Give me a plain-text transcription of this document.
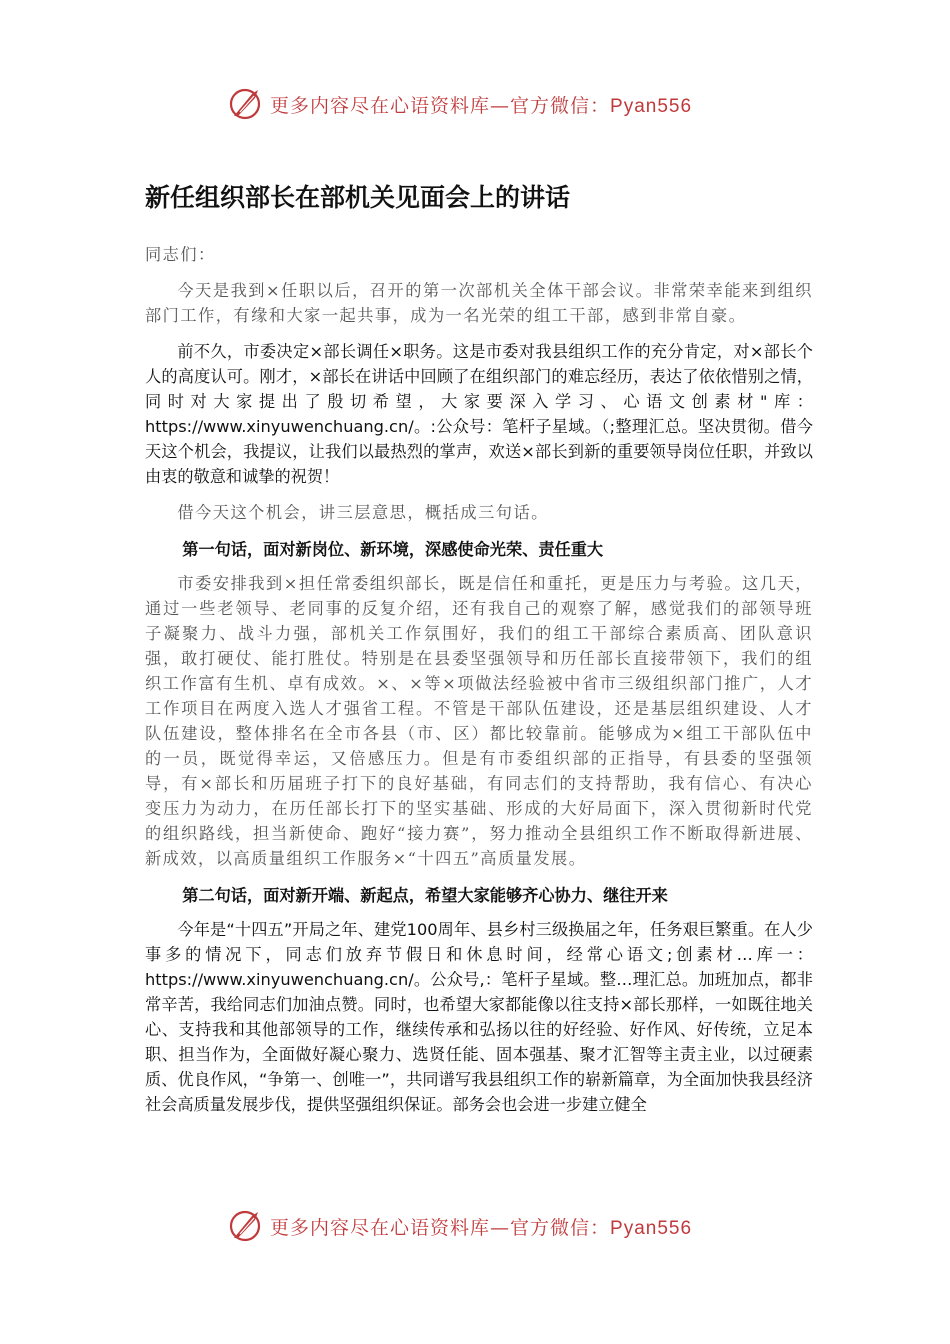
更多内容尽在心语资料库—官方微信：Pyan556
新任组织部长在部机关见面会上的讲话

同志们：

今天是我到×任职以后，召开的第一次部机关全体干部会议。非常荣幸能来到组织部门工作，有缘和大家一起共事，成为一名光荣的组工干部，感到非常自豪。

前不久，市委决定×部长调任×职务。这是市委对我县组织工作的充分肯定，对×部长个人的高度认可。刚才，×部长在讲话中回顾了在组织部门的难忘经历，表达了依依惜别之情，同时对大家提出了殷切希望，大家要深入学习、心语文创素材"库：https://www.xinyuwenchuang.cn/。:公众号：笔杆子星域。（;整理汇总。坚决贯彻。借今天这个机会，我提议，让我们以最热烈的掌声，欢送×部长到新的重要领导岗位任职，并致以由衷的敬意和诚挚的祝贺！

借今天这个机会，讲三层意思，概括成三句话。

第一句话，面对新岗位、新环境，深感使命光荣、责任重大

市委安排我到×担任常委组织部长，既是信任和重托，更是压力与考验。这几天，通过一些老领导、老同事的反复介绍，还有我自己的观察了解，感觉我们的部领导班子凝聚力、战斗力强，部机关工作氛围好，我们的组工干部综合素质高、团队意识强，敢打硬仗、能打胜仗。特别是在县委坚强领导和历任部长直接带领下，我们的组织工作富有生机、卓有成效。×、×等×项做法经验被中省市三级组织部门推广，人才工作项目在两度入选人才强省工程。不管是干部队伍建设，还是基层组织建设、人才队伍建设，整体排名在全市各县（市、区）都比较靠前。能够成为×组工干部队伍中的一员，既觉得幸运，又倍感压力。但是有市委组织部的正指导，有县委的坚强领导，有×部长和历届班子打下的良好基础，有同志们的支持帮助，我有信心、有决心变压力为动力，在历任部长打下的坚实基础、形成的大好局面下，深入贯彻新时代党的组织路线，担当新使命、跑好“接力赛”，努力推动全县组织工作不断取得新进展、新成效，以高质量组织工作服务×“十四五”高质量发展。

第二句话，面对新开端、新起点，希望大家能够齐心协力、继往开来

今年是“十四五”开局之年、建党100周年、县乡村三级换届之年，任务艰巨繁重。在人少事多的情况下，同志们放弃节假日和休息时间，经常心语文;创素材…库一：https://www.xinyuwenchuang.cn/。公众号,：笔杆子星域。整…理汇总。加班加点，都非常辛苦，我给同志们加油点赞。同时，也希望大家都能像以往支持×部长那样，一如既往地关心、支持我和其他部领导的工作，继续传承和弘扬以往的好经验、好作风、好传统，立足本职、担当作为，全面做好凝心聚力、选贤任能、固本强基、聚才汇智等主责主业，以过硬素质、优良作风，“争第一、创唯一”，共同谱写我县组织工作的崭新篇章，为全面加快我县经济社会高质量发展步伐，提供坚强组织保证。部务会也会进一步建立健全

更多内容尽在心语资料库—官方微信：Pyan556
